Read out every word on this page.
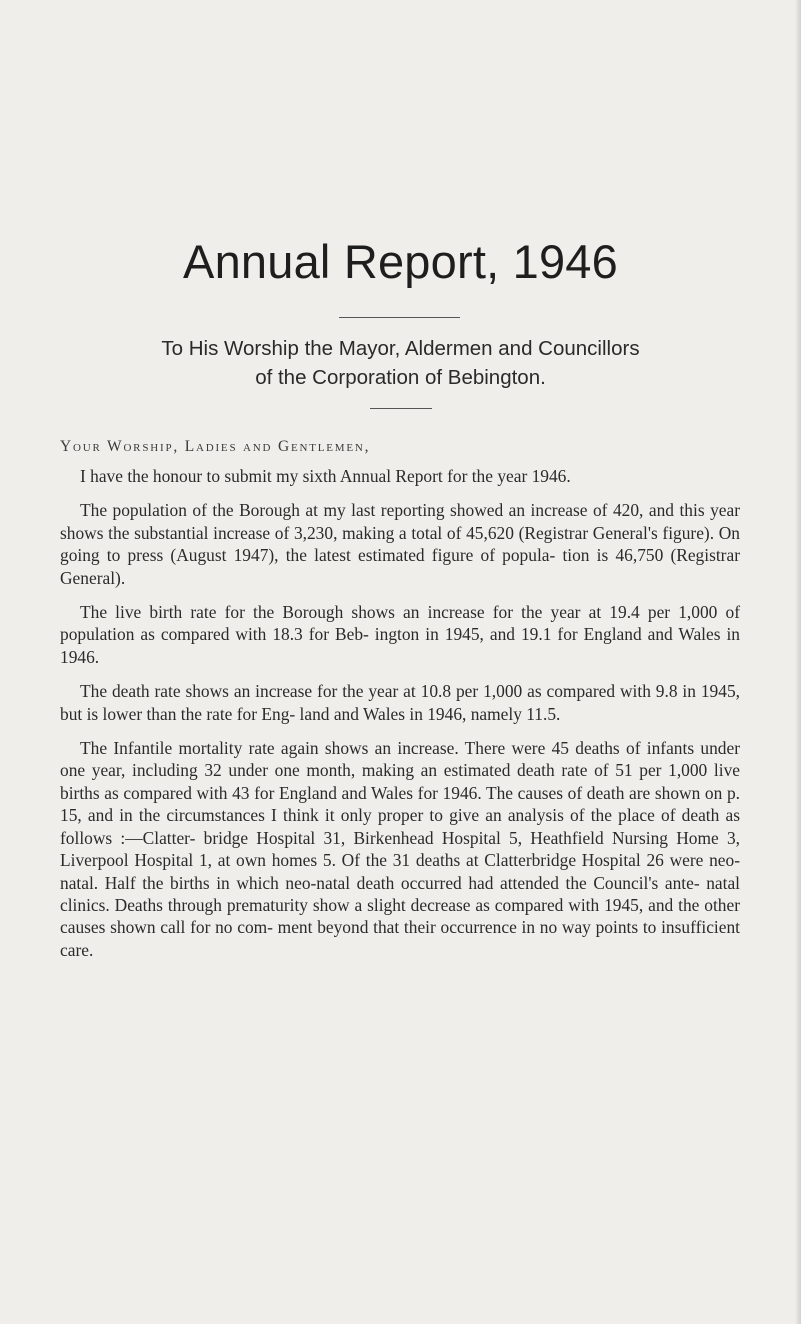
Annual Report, 1946
To His Worship the Mayor, Aldermen and Councillors
of the Corporation of Bebington.
Your Worship, Ladies and Gentlemen,

I have the honour to submit my sixth Annual Report for the year 1946.

The population of the Borough at my last reporting showed an increase of 420, and this year shows the substantial increase of 3,230, making a total of 45,620 (Registrar General's figure). On going to press (August 1947), the latest estimated figure of popula- tion is 46,750 (Registrar General).

The live birth rate for the Borough shows an increase for the year at 19.4 per 1,000 of population as compared with 18.3 for Beb- ington in 1945, and 19.1 for England and Wales in 1946.

The death rate shows an increase for the year at 10.8 per 1,000 as compared with 9.8 in 1945, but is lower than the rate for Eng- land and Wales in 1946, namely 11.5.

The Infantile mortality rate again shows an increase. There were 45 deaths of infants under one year, including 32 under one month, making an estimated death rate of 51 per 1,000 live births as compared with 43 for England and Wales for 1946. The causes of death are shown on p. 15, and in the circumstances I think it only proper to give an analysis of the place of death as follows :—Clatter- bridge Hospital 31, Birkenhead Hospital 5, Heathfield Nursing Home 3, Liverpool Hospital 1, at own homes 5. Of the 31 deaths at Clatterbridge Hospital 26 were neo-natal. Half the births in which neo-natal death occurred had attended the Council's ante- natal clinics. Deaths through prematurity show a slight decrease as compared with 1945, and the other causes shown call for no com- ment beyond that their occurrence in no way points to insufficient care.
